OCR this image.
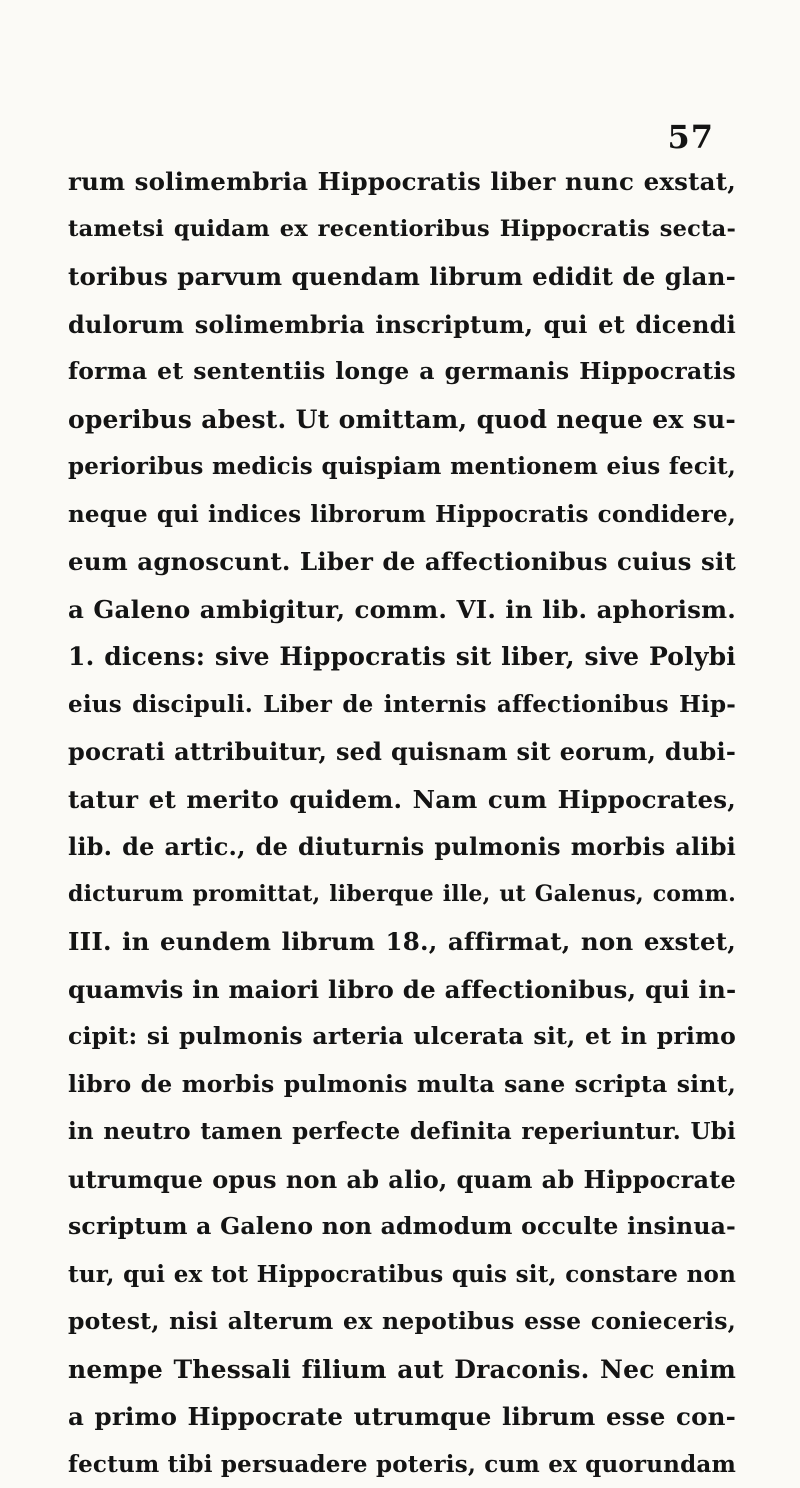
57
rum solimembria Hippocratis liber nunc exstat,
tametsi quidam ex recentioribus Hippocratis secta-
toribus parvum quendam librum edidit de glan-
dulorum solimembria inscriptum, qui et dicendi
forma et sententiis longe a germanis Hippocratis
operibus abest. Ut omittam, quod neque ex su-
perioribus medicis quispiam mentionem eius fecit,
neque qui indices librorum Hippocratis condidere,
eum agnoscunt. Liber de affectionibus cuius sit
a Galeno ambigitur, comm. VI. in lib. aphorism.
1. dicens: sive Hippocratis sit liber, sive Polybi
eius discipuli. Liber de internis affectionibus Hip-
pocrati attribuitur, sed quisnam sit eorum, dubi-
tatur et merito quidem. Nam cum Hippocrates,
lib. de artic., de diuturnis pulmonis morbis alibi
dicturum promittat, liberque ille, ut Galenus, comm.
III. in eundem librum 18., affirmat, non exstet,
quamvis in maiori libro de affectionibus, qui in-
cipit: si pulmonis arteria ulcerata sit, et in primo
libro de morbis pulmonis multa sane scripta sint,
in neutro tamen perfecte definita reperiuntur. Ubi
utrumque opus non ab alio, quam ab Hippocrate
scriptum a Galeno non admodum occulte insinua-
tur, qui ex tot Hippocratibus quis sit, constare non
potest, nisi alterum ex nepotibus esse conieceris,
nempe Thessali filium aut Draconis. Nec enim
a primo Hippocrate utrumque librum esse con-
fectum tibi persuadere poteris, cum ex quorundam
